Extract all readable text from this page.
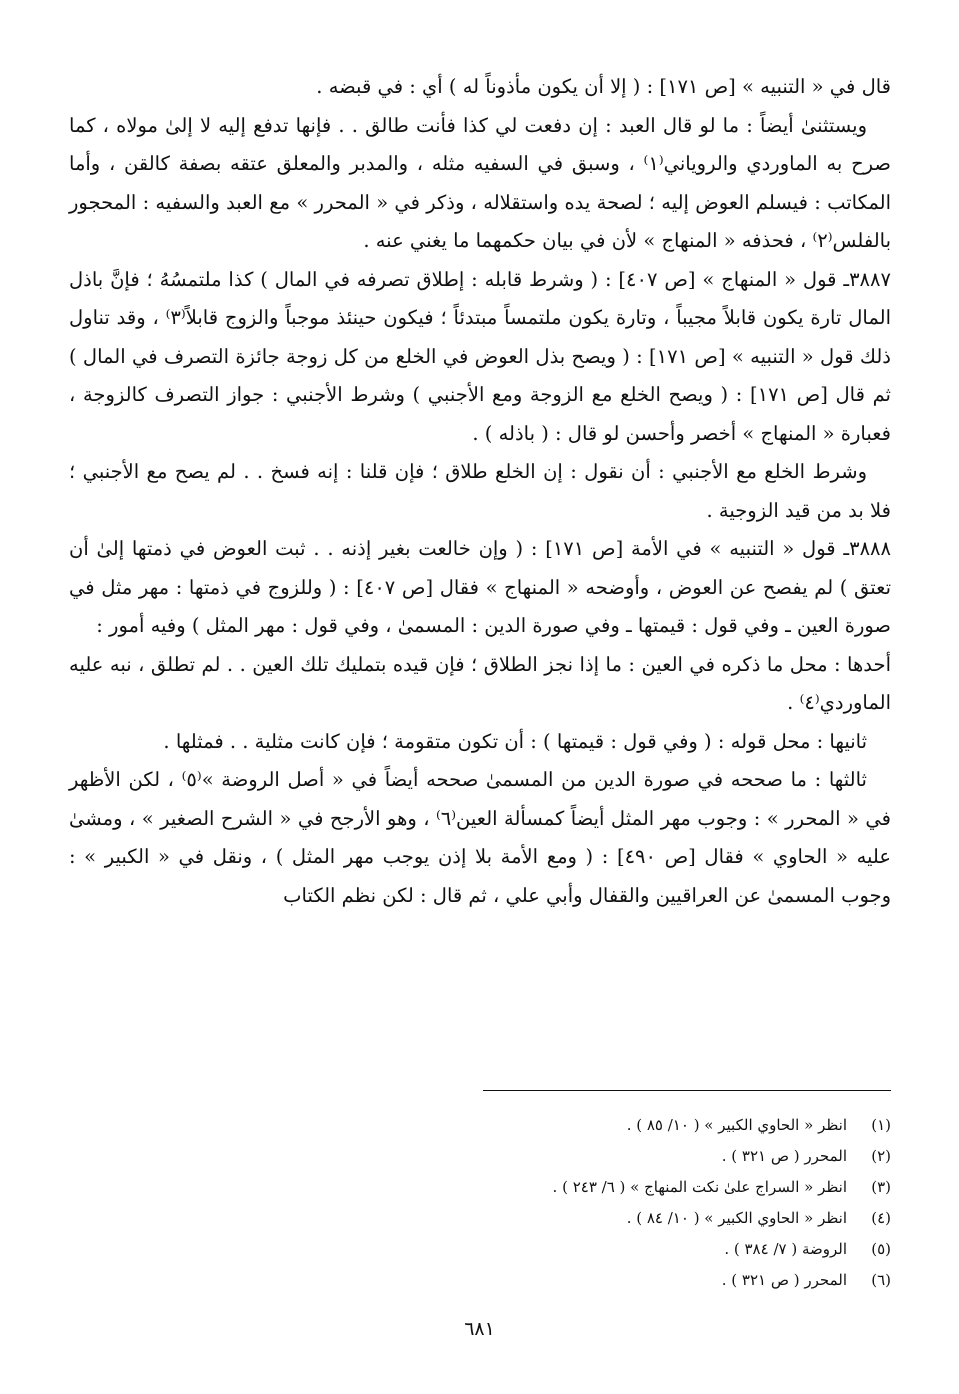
قال في « التنبيه » [ص ١٧١] : ( إلا أن يكون مأذوناً له ) أي : في قبضه .

ويستثنىٰ أيضاً : ما لو قال العبد : إن دفعت لي كذا فأنت طالق . . فإنها تدفع إليه لا إلىٰ مولاه ، كما صرح به الماوردي والروياني⁽١⁾ ، وسبق في السفيه مثله ، والمدبر والمعلق عتقه بصفة كالقن ، وأما المكاتب : فيسلم العوض إليه ؛ لصحة يده واستقلاله ، وذكر في « المحرر » مع العبد والسفيه : المحجور بالفلس⁽٢⁾ ، فحذفه « المنهاج » لأن في بيان حكمهما ما يغني عنه .

٣٨٨٧ـ قول « المنهاج » [ص ٤٠٧] : ( وشرط قابله : إطلاق تصرفه في المال ) كذا ملتمسُهُ ؛ فإنَّ باذل المال تارة يكون قابلاً مجيباً ، وتارة يكون ملتمساً مبتدئاً ؛ فيكون حينئذ موجباً والزوج قابلاً⁽٣⁾ ، وقد تناول ذلك قول « التنبيه » [ص ١٧١] : ( ويصح بذل العوض في الخلع من كل زوجة جائزة التصرف في المال ) ثم قال [ص ١٧١] : ( ويصح الخلع مع الزوجة ومع الأجنبي ) وشرط الأجنبي : جواز التصرف كالزوجة ، فعبارة « المنهاج » أخصر وأحسن لو قال : ( باذله ) .

وشرط الخلع مع الأجنبي : أن نقول : إن الخلع طلاق ؛ فإن قلنا : إنه فسخ . . لم يصح مع الأجنبي ؛ فلا بد من قيد الزوجية .

٣٨٨٨ـ قول « التنبيه » في الأمة [ص ١٧١] : ( وإن خالعت بغير إذنه . . ثبت العوض في ذمتها إلىٰ أن تعتق ) لم يفصح عن العوض ، وأوضحه « المنهاج » فقال [ص ٤٠٧] : ( وللزوج في ذمتها : مهر مثل في صورة العين ـ وفي قول : قيمتها ـ وفي صورة الدين : المسمىٰ ، وفي قول : مهر المثل ) وفيه أمور :

أحدها : محل ما ذكره في العين : ما إذا نجز الطلاق ؛ فإن قيده بتمليك تلك العين . . لم تطلق ، نبه عليه الماوردي⁽٤⁾ .

ثانيها : محل قوله : ( وفي قول : قيمتها ) : أن تكون متقومة ؛ فإن كانت مثلية . . فمثلها .

ثالثها : ما صححه في صورة الدين من المسمىٰ صححه أيضاً في « أصل الروضة »⁽٥⁾ ، لكن الأظهر في « المحرر » : وجوب مهر المثل أيضاً كمسألة العين⁽٦⁾ ، وهو الأرجح في « الشرح الصغير » ، ومشىٰ عليه « الحاوي » فقال [ص ٤٩٠] : ( ومع الأمة بلا إذن يوجب مهر المثل ) ، ونقل في « الكبير » : وجوب المسمىٰ عن العراقيين والقفال وأبي علي ، ثم قال : لكن نظم الكتاب

(١)
انظر « الحاوي الكبير » ( ١٠/ ٨٥ ) .
(٢)
المحرر ( ص ٣٢١ ) .
(٣)
انظر « السراج علىٰ نكت المنهاج » ( ٦/ ٢٤٣ ) .
(٤)
انظر « الحاوي الكبير » ( ١٠/ ٨٤ ) .
(٥)
الروضة ( ٧/ ٣٨٤ ) .
(٦)
المحرر ( ص ٣٢١ ) .
٦٨١
